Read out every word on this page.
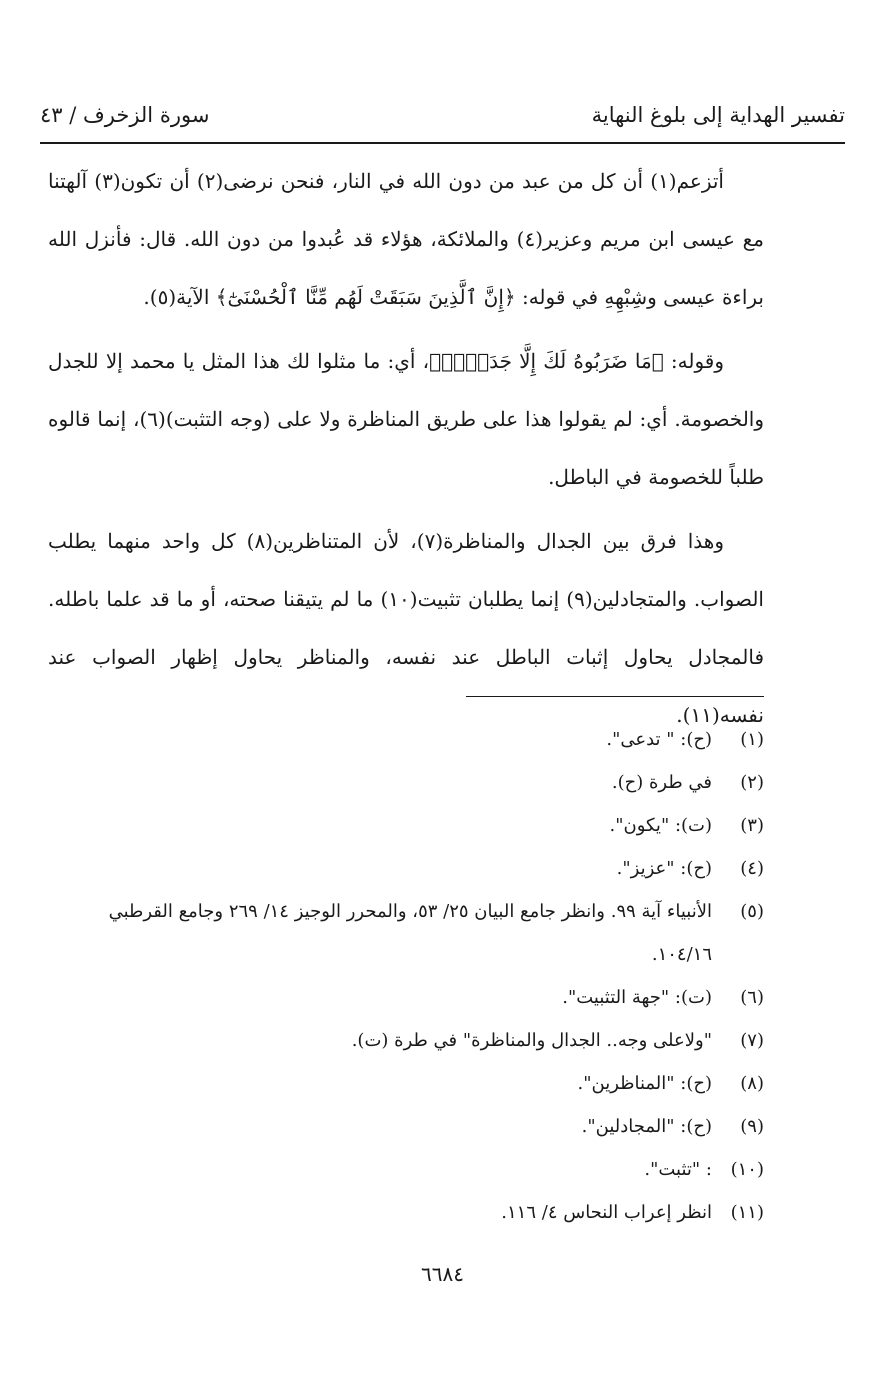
تفسير الهداية إلى بلوغ النهاية
سورة الزخرف / ٤٣

أتزعم(١) أن كل من عبد من دون الله في النار، فنحن نرضى(٢) أن تكون(٣) آلهتنا مع عيسى ابن مريم وعزير(٤) والملائكة، هؤلاء قد عُبدوا من دون الله. قال: فأنزل الله براءة عيسى وشِبْهِهِ في قوله: ﴿إِنَّ ٱلَّذِينَ سَبَقَتْ لَهُم مِّنَّا ٱلْحُسْنَىٰٓ﴾ الآية(٥).

وقوله: ﴿مَا ضَرَبُوهُ لَكَ إِلَّا جَدَلًاۢ﴾، أي: ما مثلوا لك هذا المثل يا محمد إلا للجدل والخصومة. أي: لم يقولوا هذا على طريق المناظرة ولا على (وجه التثبت)(٦)، إنما قالوه طلباً للخصومة في الباطل.

وهذا فرق بين الجدال والمناظرة(٧)، لأن المتناظرين(٨) كل واحد منهما يطلب الصواب. والمتجادلين(٩) إنما يطلبان تثبيت(١٠) ما لم يتيقنا صحته، أو ما قد علما باطله. فالمجادل يحاول إثبات الباطل عند نفسه، والمناظر يحاول إظهار الصواب عند نفسه(١١).

(١)
(ح): " تدعى".
(٢)
في طرة (ح).
(٣)
(ت): "يكون".
(٤)
(ح): "عزيز".
(٥)
الأنبياء آية ٩٩. وانظر جامع البيان ٢٥/ ٥٣، والمحرر الوجيز ١٤/ ٢٦٩ وجامع القرطبي ١٠٤/١٦.
(٦)
(ت): "جهة التثبيت".
(٧)
"ولاعلى وجه.. الجدال والمناظرة" في طرة (ت).
(٨)
(ح): "المناظرين".
(٩)
(ح): "المجادلين".
(١٠)
: "تثبت".
(١١)
انظر إعراب النحاس ٤/ ١١٦.
٦٦٨٤
